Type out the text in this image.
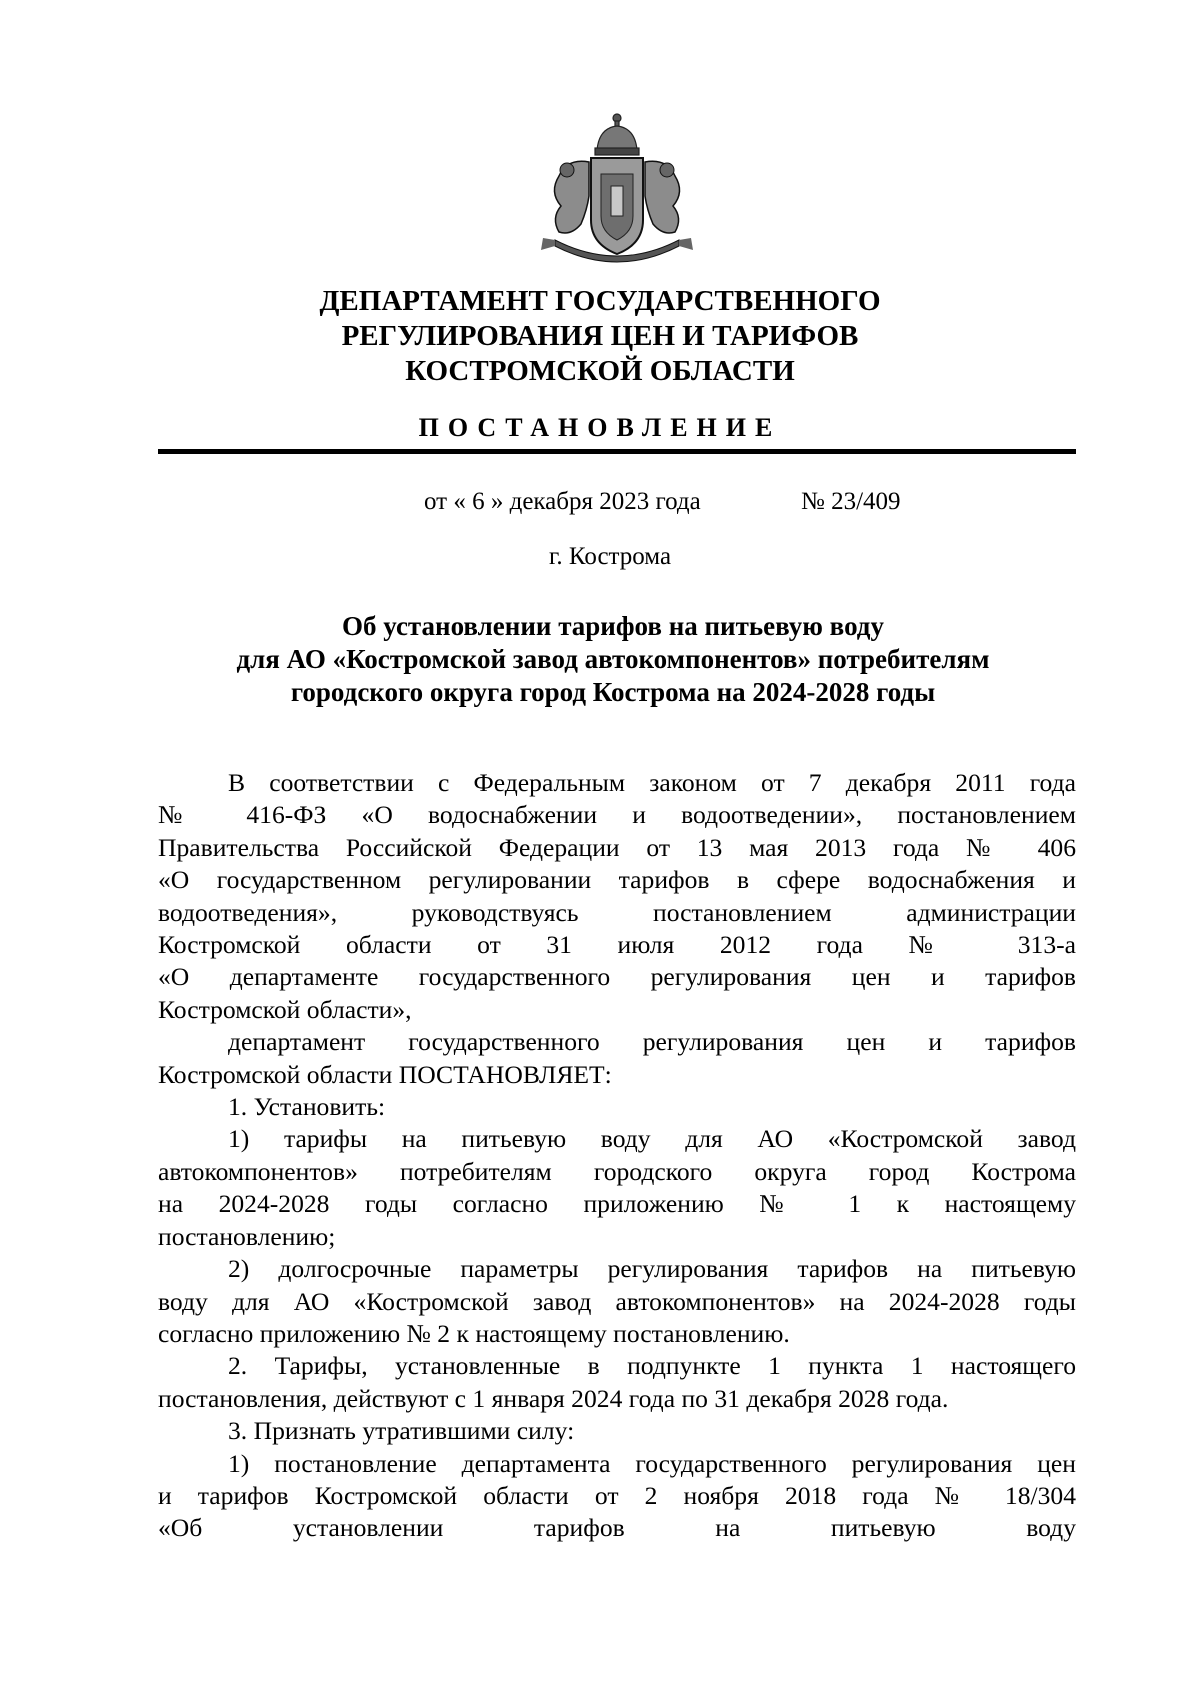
ДЕПАРТАМЕНТ ГОСУДАРСТВЕННОГО
РЕГУЛИРОВАНИЯ ЦЕН И ТАРИФОВ
КОСТРОМСКОЙ ОБЛАСТИ
ПОСТАНОВЛЕНИЕ
от « 6 » декабря 2023 года	№ 23/409
г. Кострома
Об установлении тарифов на питьевую воду
для АО «Костромской завод автокомпонентов» потребителям
городского округа город Кострома на 2024-2028 годы

В соответствии с Федеральным законом от 7 декабря 2011 года
№ 416-ФЗ «О водоснабжении и водоотведении», постановлением
Правительства Российской Федерации от 13 мая 2013 года № 406
«О государственном регулировании тарифов в сфере водоснабжения и
водоотведения», руководствуясь постановлением администрации
Костромской области от 31 июля 2012 года № 313-а
«О департаменте государственного регулирования цен и тарифов
Костромской области»,

департамент государственного регулирования цен и тарифов
Костромской области ПОСТАНОВЛЯЕТ:

1. Установить:

1) тарифы на питьевую воду для АО «Костромской завод
автокомпонентов» потребителям городского округа город Кострома
на 2024-2028 годы согласно приложению № 1 к настоящему
постановлению;

2) долгосрочные параметры регулирования тарифов на питьевую
воду для АО «Костромской завод автокомпонентов» на 2024-2028 годы
согласно приложению № 2 к настоящему постановлению.

2. Тарифы, установленные в подпункте 1 пункта 1 настоящего
постановления, действуют с 1 января 2024 года по 31 декабря 2028 года.

3. Признать утратившими силу:

1) постановление департамента государственного регулирования цен
и тарифов Костромской области от 2 ноября 2018 года № 18/304
«Об установлении тарифов на питьевую воду
